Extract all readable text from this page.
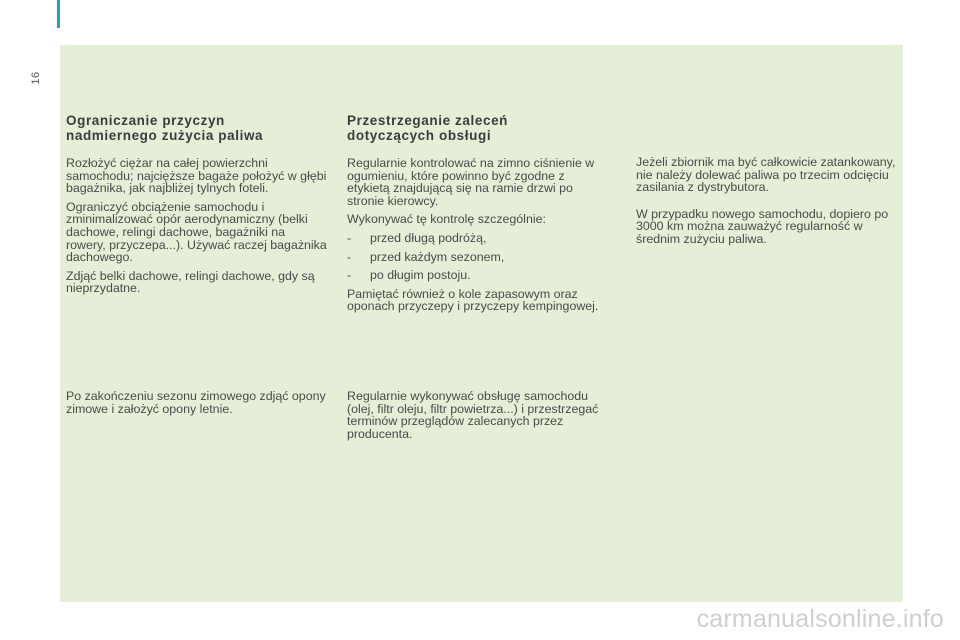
16
Ograniczanie przyczyn
nadmiernego zużycia paliwa

Rozłożyć ciężar na całej powierzchni samochodu; najcięższe bagaże położyć w głębi bagażnika, jak najbliżej tylnych foteli.

Ograniczyć obciążenie samochodu i zminimalizować opór aerodynamiczny (belki dachowe, relingi dachowe, bagażniki na rowery, przyczepa...). Używać raczej bagażnika dachowego.

Zdjąć belki dachowe, relingi dachowe, gdy są nieprzydatne.

Po zakończeniu sezonu zimowego zdjąć opony zimowe i założyć opony letnie.

Przestrzeganie zaleceń
dotyczących obsługi

Regularnie kontrolować na zimno ciśnienie w ogumieniu, które powinno być zgodne z etykietą znajdującą się na ramie drzwi po stronie kierowcy.

Wykonywać tę kontrolę szczególnie:

-	przed długą podróżą,
-	przed każdym sezonem,
-	po długim postoju.

Pamiętać również o kole zapasowym oraz oponach przyczepy i przyczepy kempingowej.

Regularnie wykonywać obsługę samochodu (olej, filtr oleju, filtr powietrza...) i przestrzegać terminów przeglądów zalecanych przez producenta.

Jeżeli zbiornik ma być całkowicie zatankowany, nie należy dolewać paliwa po trzecim odcięciu zasilania z dystrybutora.

W przypadku nowego samochodu, dopiero po 3000 km można zauważyć regularność w średnim zużyciu paliwa.

carmanualsonline.info
